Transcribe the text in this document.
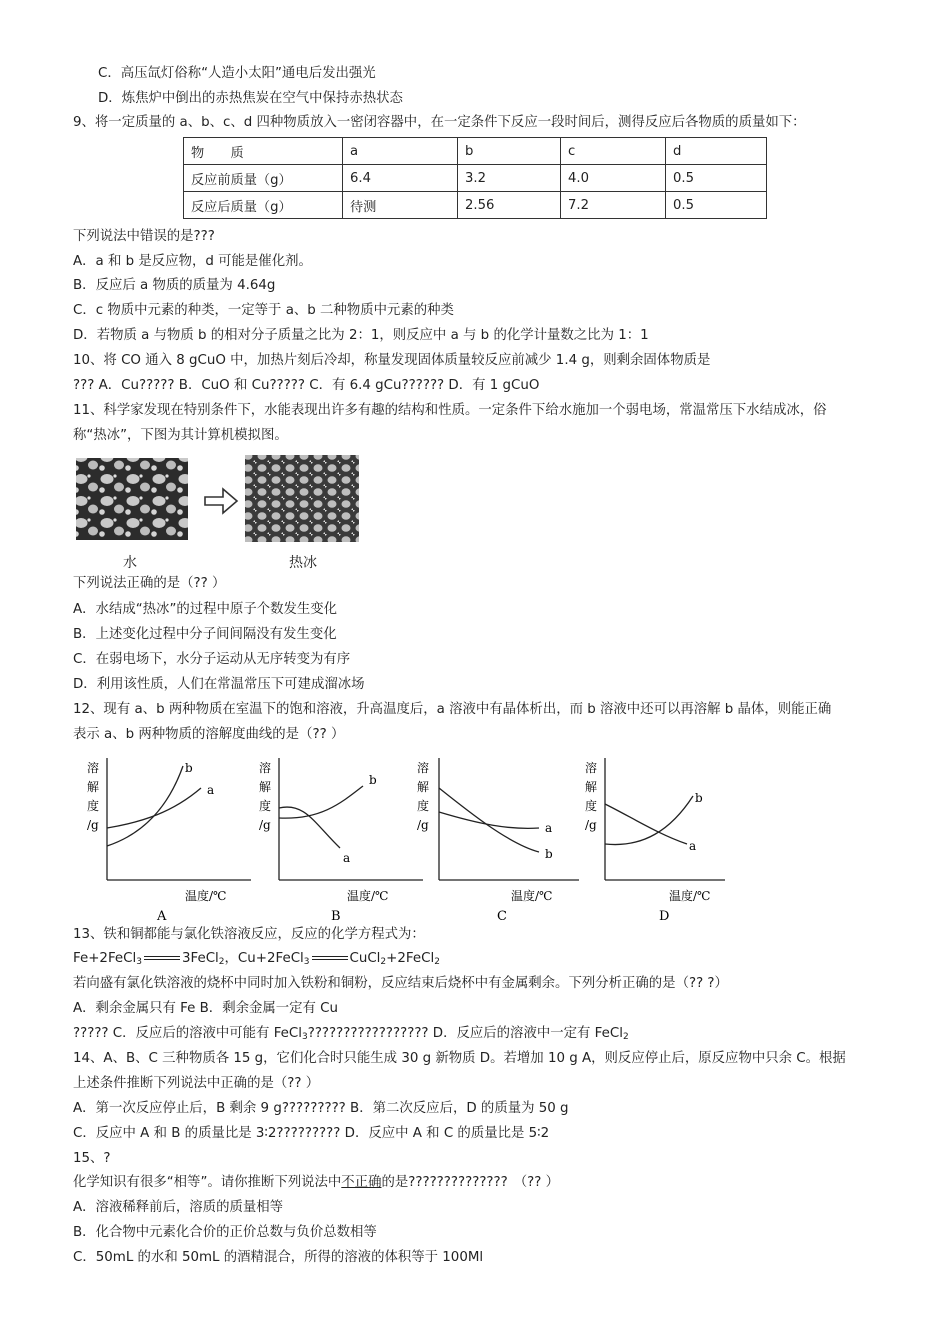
C．高压氙灯俗称“人造小太阳”通电后发出强光
D．炼焦炉中倒出的赤热焦炭在空气中保持赤热状态
9、将一定质量的 a、b、c、d 四种物质放入一密闭容器中，在一定条件下反应一段时间后，测得反应后各物质的质量如下：
物　　质	a	b	c	d
反应前质量（g）	6.4	3.2	4.0	0.5
反应后质量（g）	待测	2.56	7.2	0.5
下列说法中错误的是???
A．a 和 b 是反应物，d 可能是催化剂。
B．反应后 a 物质的质量为 4.64g
C．c 物质中元素的种类，一定等于 a、b 二种物质中元素的种类
D．若物质 a 与物质 b 的相对分子质量之比为 2：1，则反应中 a 与 b 的化学计量数之比为 1：1
10、将 CO 通入 8 gCuO 中，加热片刻后冷却，称量发现固体质量较反应前减少 1.4 g，则剩余固体物质是
??? A．Cu????? B．CuO 和 Cu????? C．有 6.4 gCu?????? D．有 1 gCuO
11、科学家发现在特别条件下，水能表现出许多有趣的结构和性质。一定条件下给水施加一个弱电场，常温常压下水结成冰，俗
称“热冰”，下图为其计算机模拟图。
水	热冰
下列说法正确的是（?? ）
A．水结成“热冰”的过程中原子个数发生变化
B．上述变化过程中分子间间隔没有发生变化
C．在弱电场下，水分子运动从无序转变为有序
D．利用该性质，人们在常温常压下可建成溜冰场
12、现有 a、b 两种物质在室温下的饱和溶液，升高温度后，a 溶液中有晶体析出，而 b 溶液中还可以再溶解 b 晶体，则能正确
表示 a、b 两种物质的溶解度曲线的是（?? ）
溶
解
度
/g
a
b
温度/℃
A
溶
解
度
/g
a
b
温度/℃
B
溶
解
度
/g	a
b
温度/℃
C
溶
解
度
/g
a
b
温度/℃
D
13、铁和铜都能与氯化铁溶液反应，反应的化学方程式为：
Fe+2FeCl$_3$	3FeCl$_2$，Cu+2FeCl$_3$	CuCl$_2$+2FeCl$_2$
若向盛有氯化铁溶液的烧杯中同时加入铁粉和铜粉，反应结束后烧杯中有金属剩余。下列分析正确的是（?? ?）
A．剩余金属只有 Fe B．剩余金属一定有 Cu
????? C．反应后的溶液中可能有 FeCl$_3$????????????????? D．反应后的溶液中一定有 FeCl$_2$
14、A、B、C 三种物质各 15 g，它们化合时只能生成 30 g 新物质 D。若增加 10 g A，则反应停止后，原反应物中只余 C。根据
上述条件推断下列说法中正确的是（?? ）
A．第一次反应停止后，B 剩余 9 g????????? B．第二次反应后，D 的质量为 50 g
C．反应中 A 和 B 的质量比是 3∶2????????? D．反应中 A 和 C 的质量比是 5∶2
15、?
化学知识有很多“相等”。请你推断下列说法中不正确的是?????????????? （?? ）
A．溶液稀释前后，溶质的质量相等
B．化合物中元素化合价的正价总数与负价总数相等
C．50mL 的水和 50mL 的酒精混合，所得的溶液的体积等于 100Ml
